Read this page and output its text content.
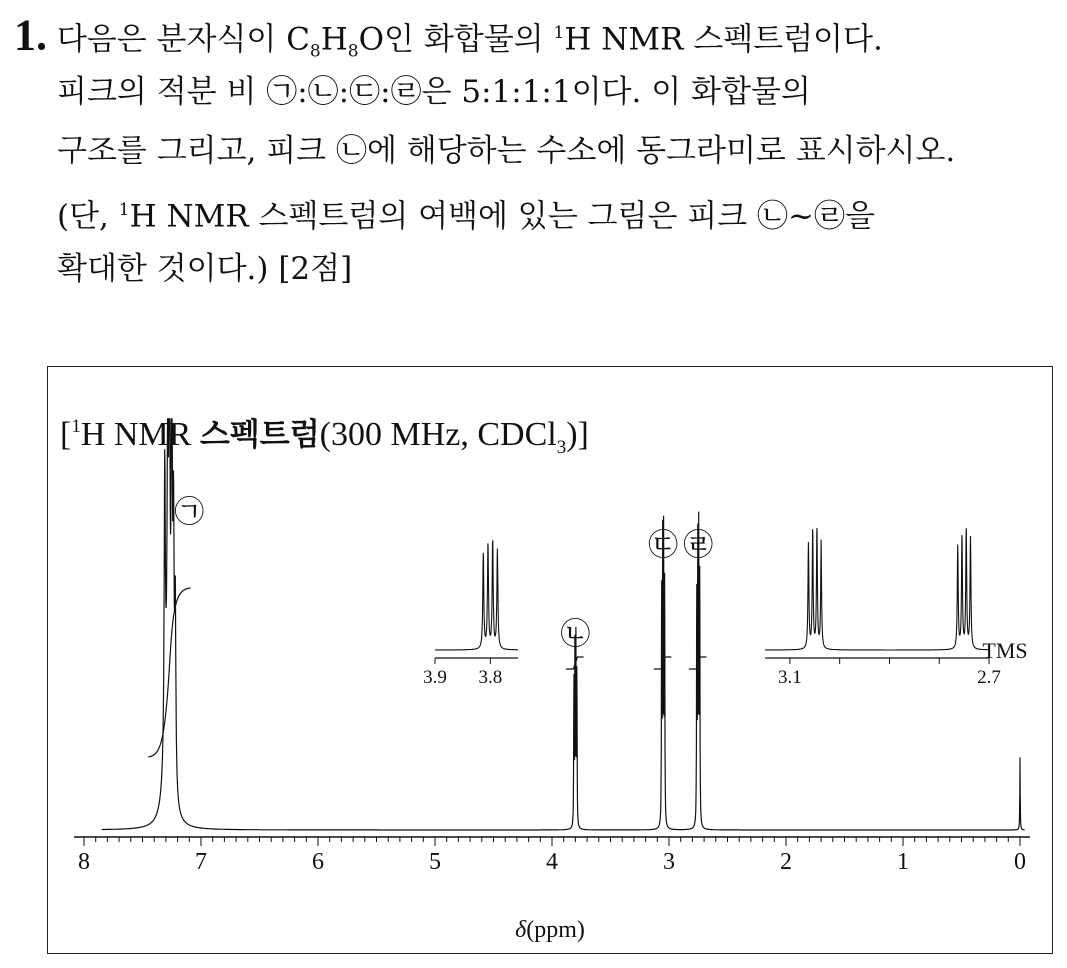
1. 다음은 분자식이 $C_8H_8O$인 화합물의 $^1$H NMR 스펙트럼이다.
피크의 적분 비 ㉠:㉡:㉢:㉣은 5:1:1:1이다. 이 화합물의
구조를 그리고, 피크 ㉡에 해당하는 수소에 동그라미로 표시하시오.
(단, $^1$H NMR 스펙트럼의 여백에 있는 그림은 피크 ㉡~㉣을
확대한 것이다.) [2점]
[$^1$H NMR 스펙트럼(300 MHz, CDCl$_3$)]
8	7	6	5	4	3	2	1	0
㉠
㉡
㉢ ㉣
TMS
3.9 3.8	3.1	2.7
δ(ppm)
